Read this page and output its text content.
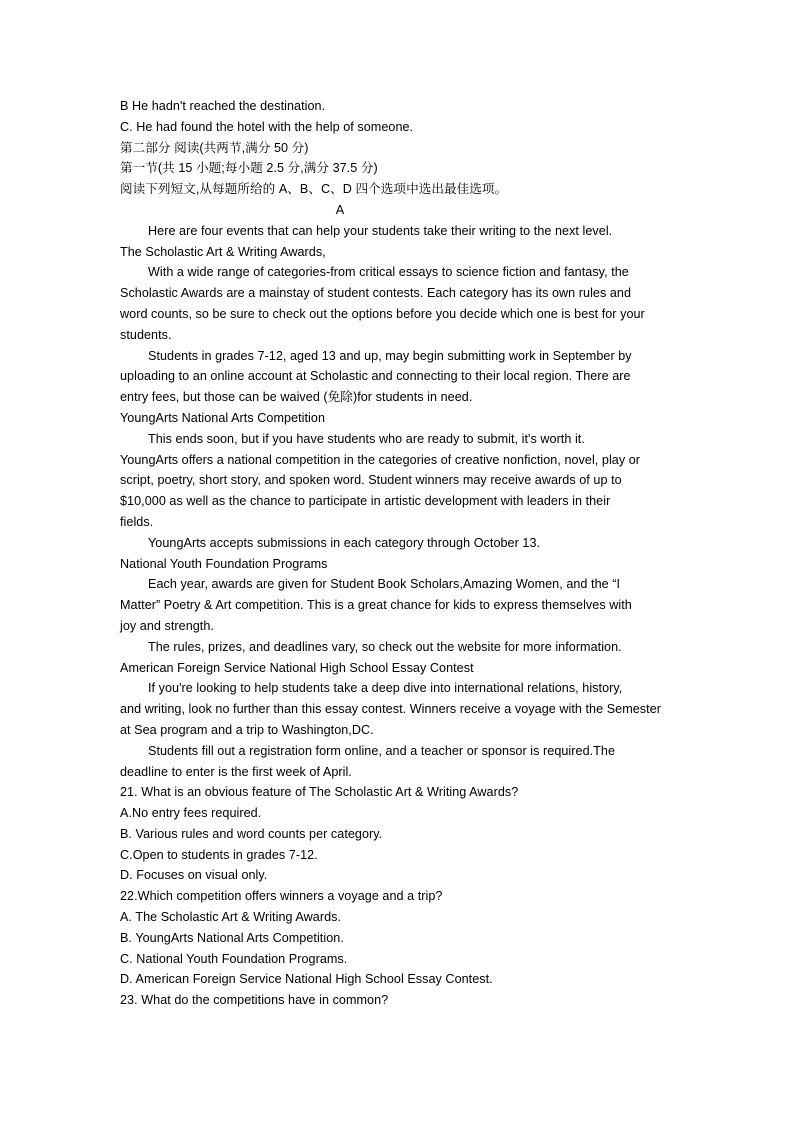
B He hadn't reached the destination.
C. He had found the hotel with the help of someone.
第二部分 阅读(共两节,满分 50 分)
第一节(共 15 小题;每小题 2.5 分,满分 37.5 分)
阅读下列短文,从每题所给的 A、B、C、D 四个选项中选出最佳选项。
A
Here are four events that can help your students take their writing to the next level.
The Scholastic Art & Writing Awards,
With a wide range of categories-from critical essays to science fiction and fantasy, the
Scholastic Awards are a mainstay of student contests. Each category has its own rules and
word counts, so be sure to check out the options before you decide which one is best for your
students.
Students in grades 7-12, aged 13 and up, may begin submitting work in September by
uploading to an online account at Scholastic and connecting to their local region. There are
entry fees, but those can be waived (免除)for students in need.
YoungArts National Arts Competition
This ends soon, but if you have students who are ready to submit, it's worth it.
YoungArts offers a national competition in the categories of creative nonfiction, novel, play or
script, poetry, short story, and spoken word. Student winners may receive awards of up to
$10,000 as well as the chance to participate in artistic development with leaders in their
fields.
YoungArts accepts submissions in each category through October 13.
National Youth Foundation Programs
Each year, awards are given for Student Book Scholars,Amazing Women, and the “I
Matter” Poetry & Art competition. This is a great chance for kids to express themselves with
joy and strength.
The rules, prizes, and deadlines vary, so check out the website for more information.
American Foreign Service National High School Essay Contest
If you're looking to help students take a deep dive into international relations, history,
and writing, look no further than this essay contest. Winners receive a voyage with the Semester
at Sea program and a trip to Washington,DC.
Students fill out a registration form online, and a teacher or sponsor is required.The
deadline to enter is the first week of April.
21. What is an obvious feature of The Scholastic Art & Writing Awards?
A.No entry fees required.
B. Various rules and word counts per category.
C.Open to students in grades 7-12.
D. Focuses on visual only.
22.Which competition offers winners a voyage and a trip?
A. The Scholastic Art & Writing Awards.
B. YoungArts National Arts Competition.
C. National Youth Foundation Programs.
D. American Foreign Service National High School Essay Contest.
23. What do the competitions have in common?
